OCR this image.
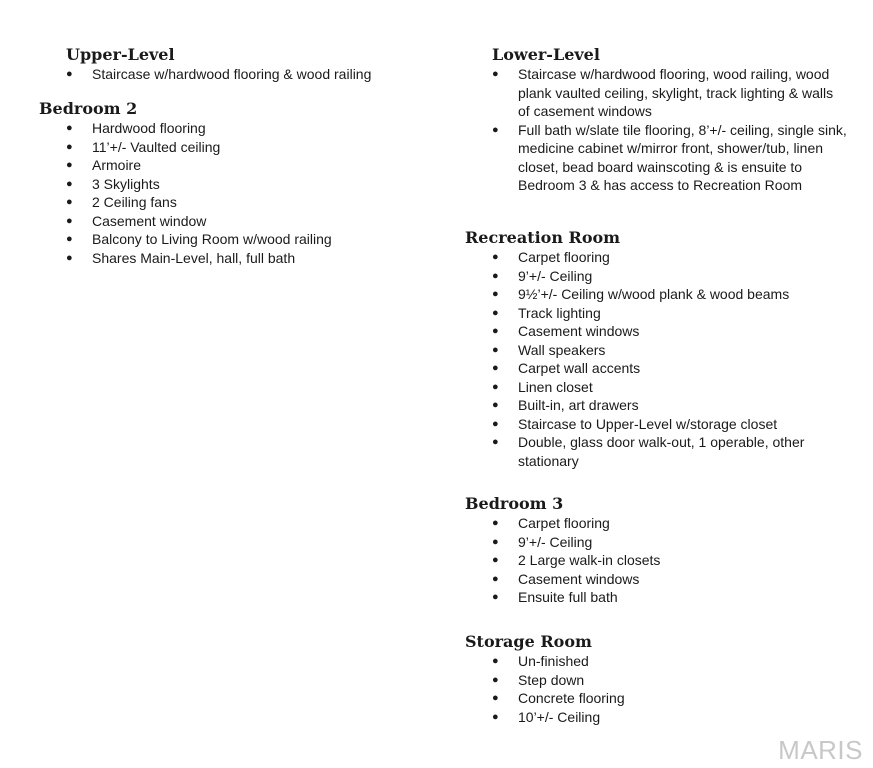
Upper-Level
● Staircase w/hardwood flooring & wood railing
Bedroom 2
● Hardwood flooring
● 11’+/- Vaulted ceiling
● Armoire
● 3 Skylights
● 2 Ceiling fans
● Casement window
● Balcony to Living Room w/wood railing
● Shares Main-Level, hall, full bath
Lower-Level
● Staircase w/hardwood flooring, wood railing, wood plank vaulted ceiling, skylight, track lighting & walls of casement windows
● Full bath w/slate tile flooring, 8’+/- ceiling, single sink, medicine cabinet w/mirror front, shower/tub, linen closet, bead board wainscoting & is ensuite to Bedroom 3 & has access to Recreation Room
Recreation Room
● Carpet flooring
● 9’+/- Ceiling
● 9½’+/- Ceiling w/wood plank & wood beams
● Track lighting
● Casement windows
● Wall speakers
● Carpet wall accents
● Linen closet
● Built-in, art drawers
● Staircase to Upper-Level w/storage closet
● Double, glass door walk-out, 1 operable, other stationary
Bedroom 3
● Carpet flooring
● 9’+/- Ceiling
● 2 Large walk-in closets
● Casement windows
● Ensuite full bath
Storage Room
● Un-finished
● Step down
● Concrete flooring
● 10’+/- Ceiling
MARIS
